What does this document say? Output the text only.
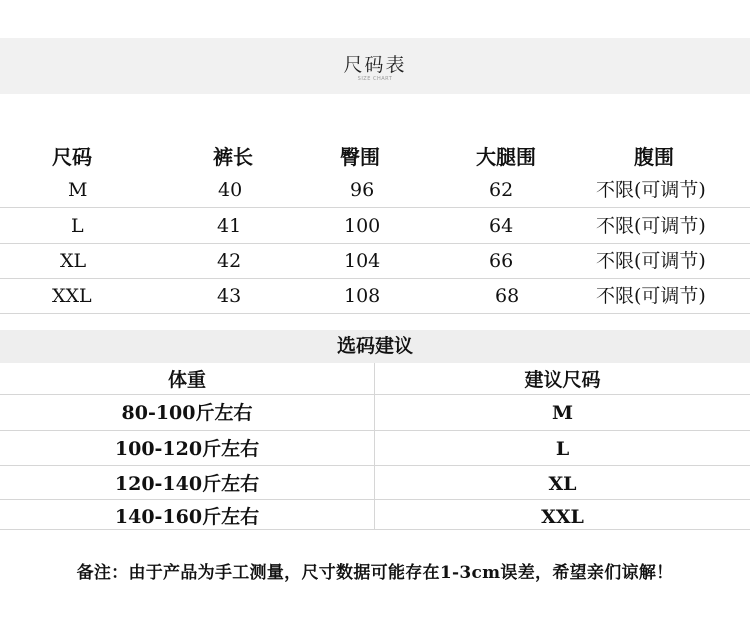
尺码表
SIZE CHART
尺码	裤长	臀围	大腿围	腹围
M	40	96	62	不限(可调节)
L	41	100	64	不限(可调节)
XL	42	104	66	不限(可调节)
XXL	43	108	68	不限(可调节)
选码建议
体重	建议尺码
80-100斤左右	M
100-120斤左右	L
120-140斤左右	XL
140-160斤左右	XXL
备注：由于产品为手工测量，尺寸数据可能存在1-3cm误差，希望亲们谅解！
